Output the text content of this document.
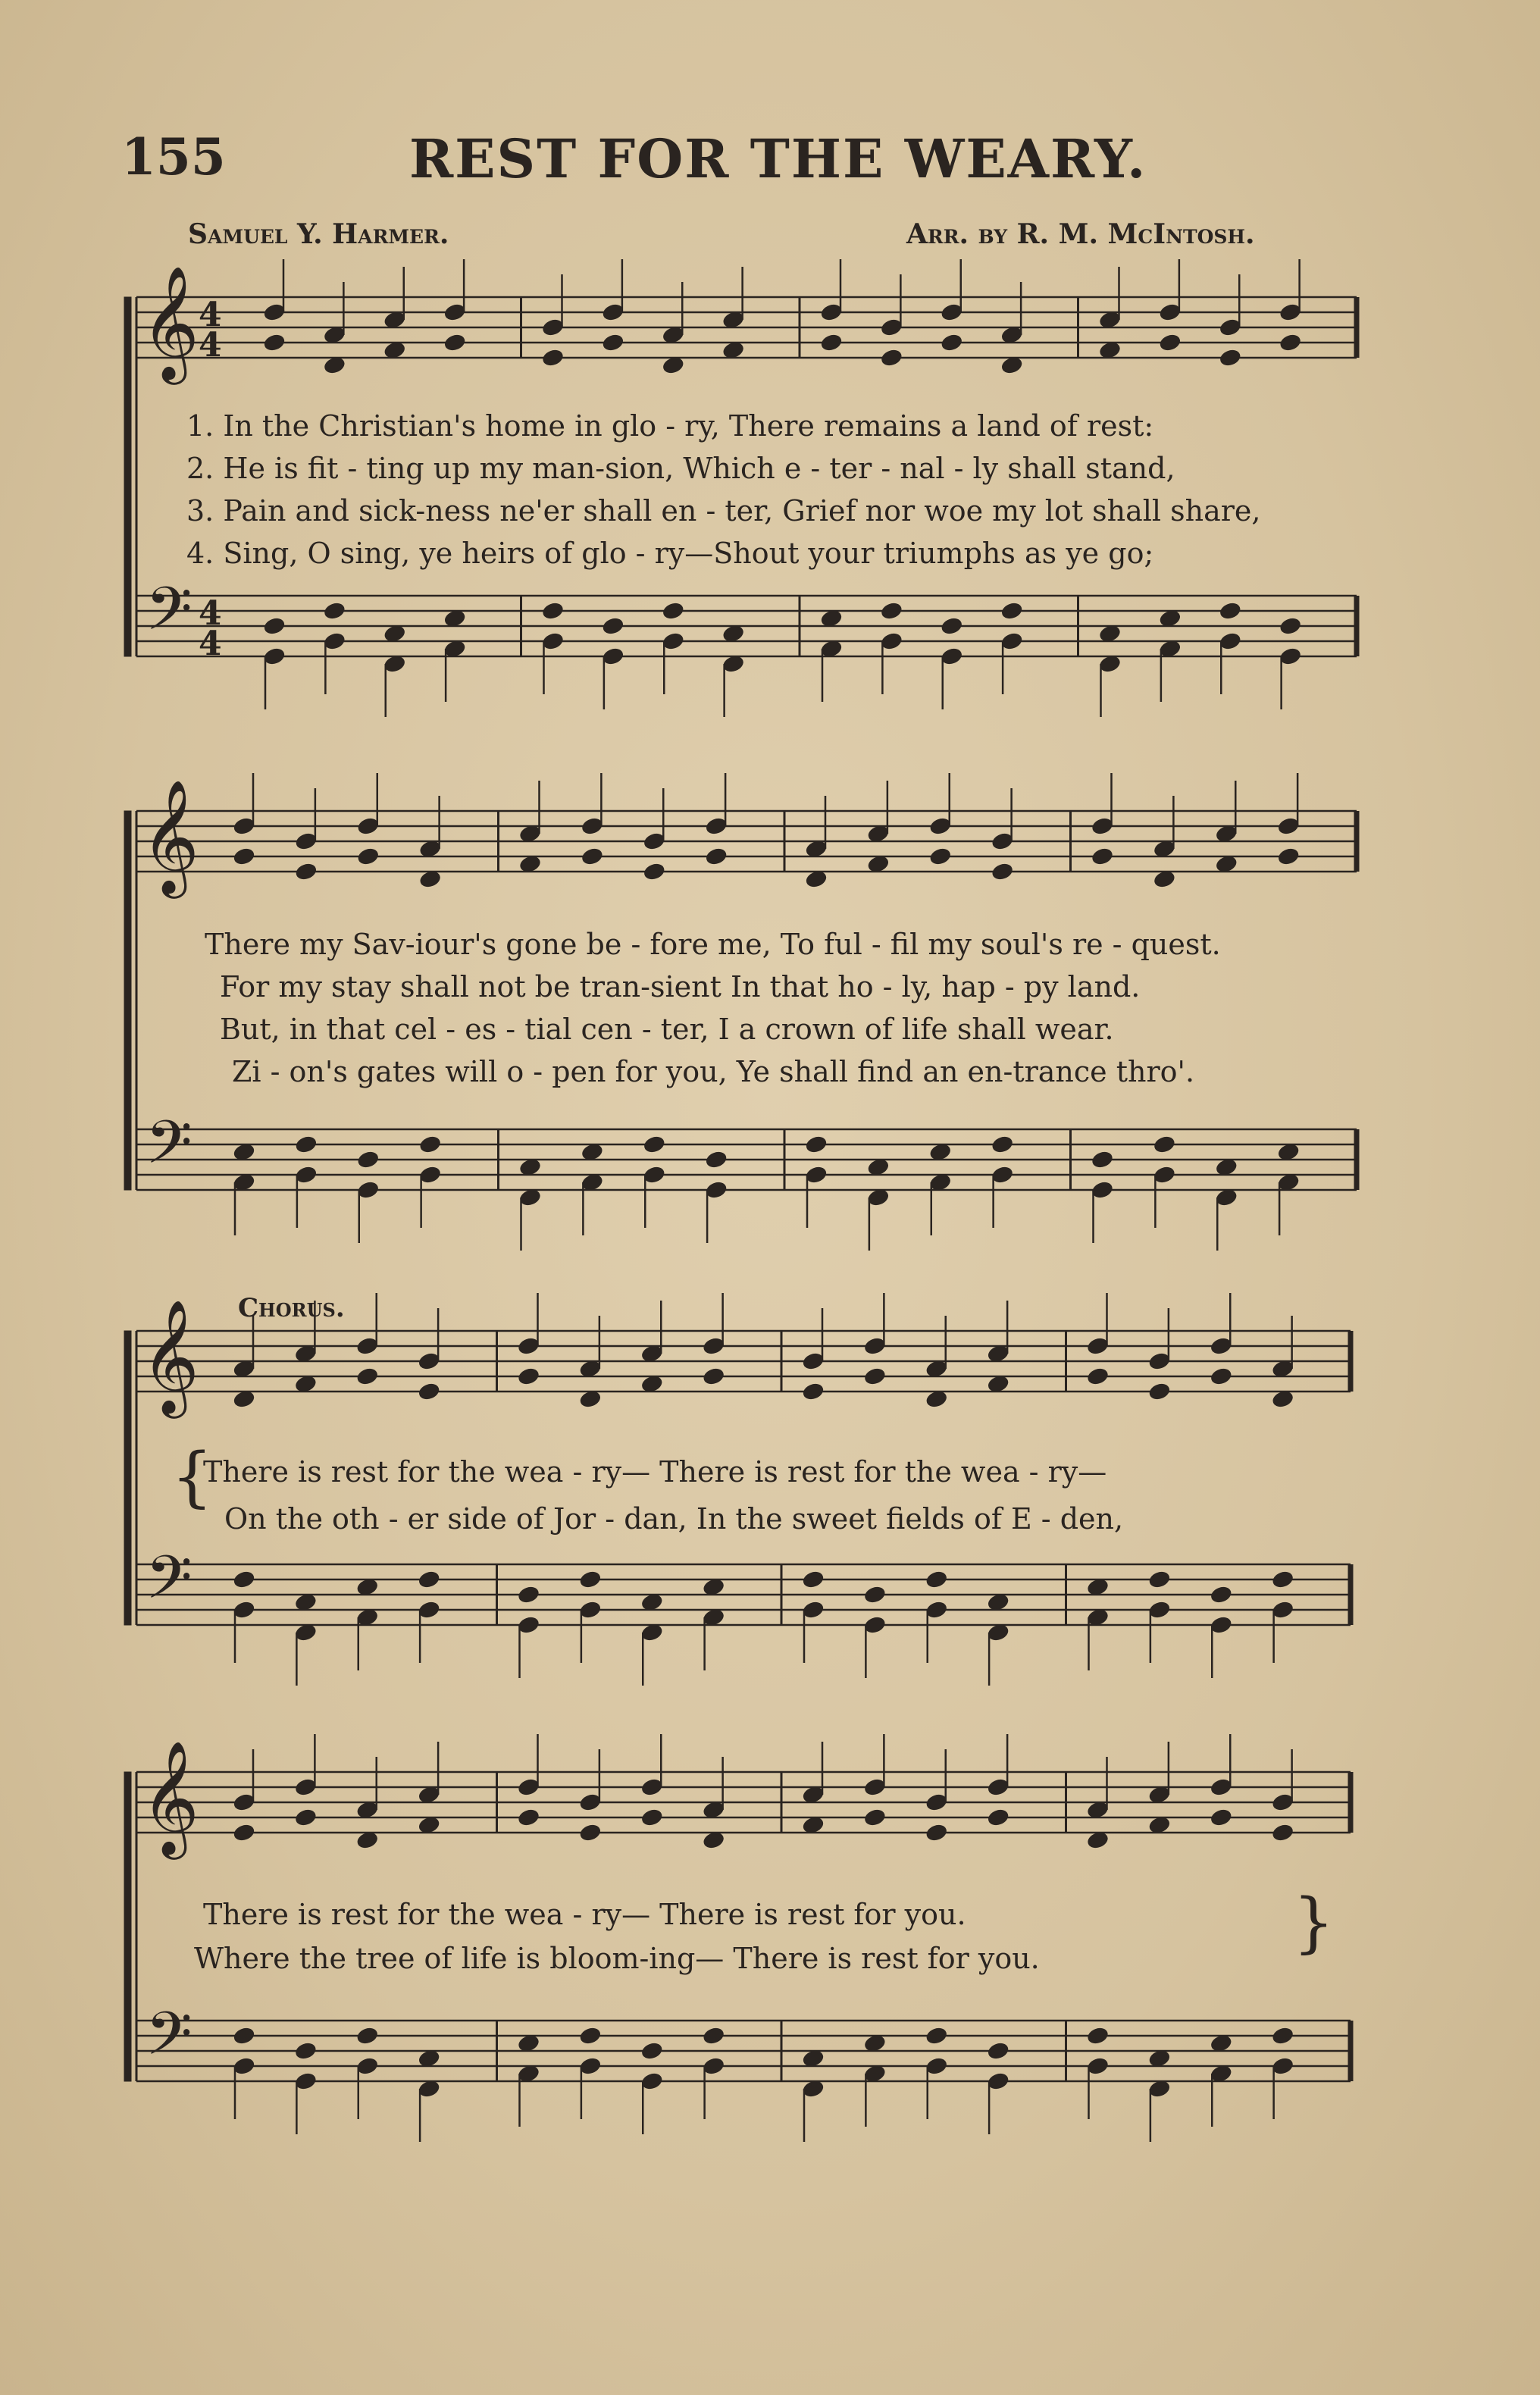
155	REST FOR THE WEARY.
Samuel Y. Harmer.	Arr. by R. M. McIntosh.
Chorus.
1. In the Christian's home in glo - ry, There remains a land of rest:
2. He is fit - ting up my man-sion, Which e - ter - nal - ly shall stand,
3. Pain and sick-ness ne'er shall en - ter, Grief nor woe my lot shall share,
4. Sing, O sing, ye heirs of glo - ry—Shout your triumphs as ye go;
There my Sav-iour's gone be - fore me, To ful - fil my soul's re - quest.
For my stay shall not be tran-sient In that ho - ly, hap - py land.
But, in that cel - es - tial cen - ter, I a crown of life shall wear.
Zi - on's gates will o - pen for you, Ye shall find an en-trance thro'.
{
There is rest for the wea - ry— There is rest for the wea - ry—
On the oth - er side of Jor - dan, In the sweet fields of E - den,
There is rest for the wea - ry— There is rest for you.
Where the tree of life is bloom-ing— There is rest for you.	}
𝄞 4
4
𝄢 4
4
𝄞
𝄢
𝄞
𝄢
𝄞
𝄢
